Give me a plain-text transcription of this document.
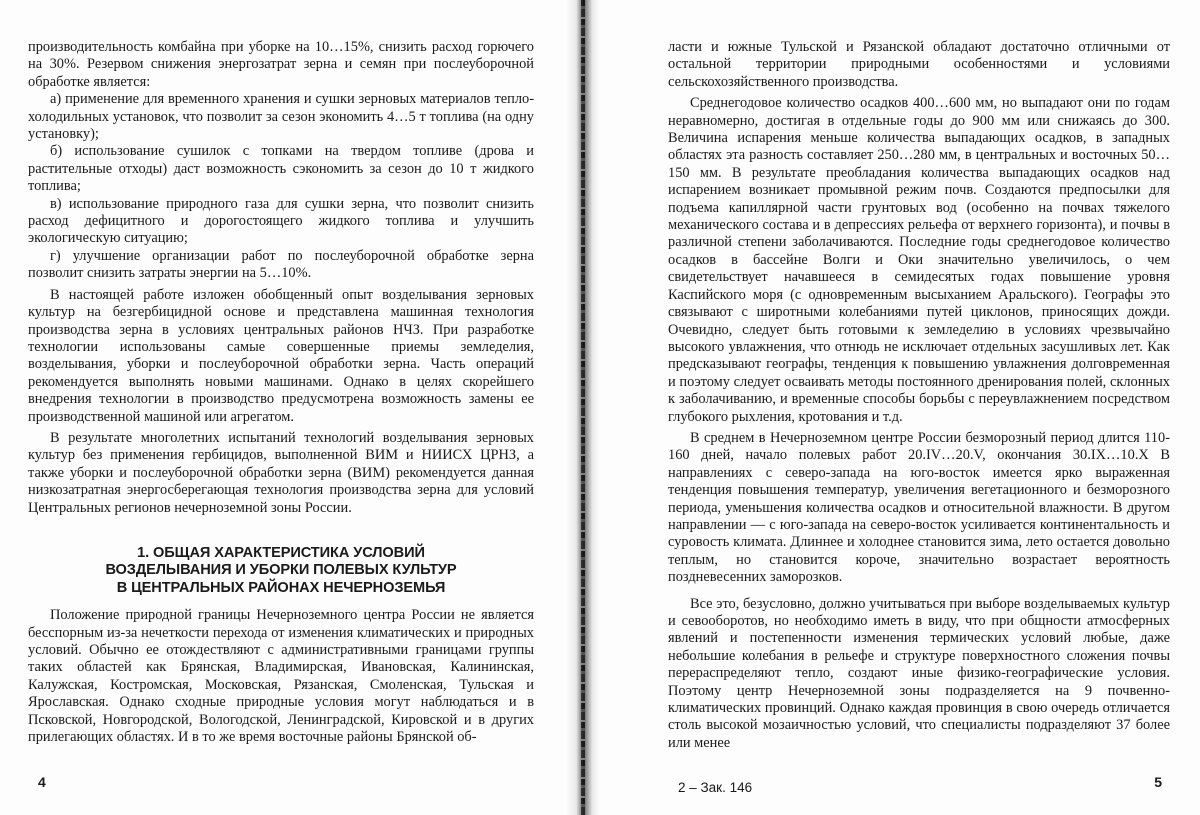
производительность комбайна при уборке на 10…15%, снизить расход горючего на 30%. Резервом снижения энергозатрат зерна и семян при послеуборочной обработке является:

а) применение для временного хранения и сушки зерновых материалов тепло-холодильных установок, что позволит за сезон экономить 4…5 т топлива (на одну установку);

б) использование сушилок с топками на твердом топливе (дрова и растительные отходы) даст возможность сэкономить за сезон до 10 т жидкого топлива;

в) использование природного газа для сушки зерна, что позволит снизить расход дефицитного и дорогостоящего жидкого топлива и улучшить экологическую ситуацию;

г) улучшение организации работ по послеуборочной обработке зерна позволит снизить затраты энергии на 5…10%.

В настоящей работе изложен обобщенный опыт возделывания зерновых культур на безгербицидной основе и представлена машинная технология производства зерна в условиях центральных районов НЧЗ. При разработке технологии использованы самые совершенные приемы земледелия, возделывания, уборки и послеуборочной обработки зерна. Часть операций рекомендуется выполнять новыми машинами. Однако в целях скорейшего внедрения технологии в производство предусмотрена возможность замены ее производственной машиной или агрегатом.

В результате многолетних испытаний технологий возделывания зерновых культур без применения гербицидов, выполненной ВИМ и НИИСХ ЦРНЗ, а также уборки и послеуборочной обработки зерна (ВИМ) рекомендуется данная низкозатратная энергосберегающая технология производства зерна для условий Центральных регионов нечерноземной зоны России.

1. ОБЩАЯ ХАРАКТЕРИСТИКА УСЛОВИЙ
ВОЗДЕЛЫВАНИЯ И УБОРКИ ПОЛЕВЫХ КУЛЬТУР
В ЦЕНТРАЛЬНЫХ РАЙОНАХ НЕЧЕРНОЗЕМЬЯ

Положение природной границы Нечерноземного центра России не является бесспорным из-за нечеткости перехода от изменения климатических и природных условий. Обычно ее отождествляют с административными границами группы таких областей как Брянская, Владимирская, Ивановская, Калининская, Калужская, Костромская, Московская, Рязанская, Смоленская, Тульская и Ярославская. Однако сходные природные условия могут наблюдаться и в Псковской, Новгородской, Вологодской, Ленинградской, Кировской и в других прилегающих областях. И в то же время восточные районы Брянской об-

4

ласти и южные Тульской и Рязанской обладают достаточно отличными от остальной территории природными особенностями и условиями сельскохозяйственного производства.

Среднегодовое количество осадков 400…600 мм, но выпадают они по годам неравномерно, достигая в отдельные годы до 900 мм или снижаясь до 300. Величина испарения меньше количества выпадающих осадков, в западных областях эта разность составляет 250…280 мм, в центральных и восточных 50…150 мм. В результате преобладания количества выпадающих осадков над испарением возникает промывной режим почв. Создаются предпосылки для подъема капиллярной части грунтовых вод (особенно на почвах тяжелого механического состава и в депрессиях рельефа от верхнего горизонта), и почвы в различной степени заболачиваются. Последние годы среднегодовое количество осадков в бассейне Волги и Оки значительно увеличилось, о чем свидетельствует начавшееся в семидесятых годах повышение уровня Каспийского моря (с одновременным высыханием Аральского). Географы это связывают с широтными колебаниями путей циклонов, приносящих дожди. Очевидно, следует быть готовыми к земледелию в условиях чрезвычайно высокого увлажнения, что отнюдь не исключает отдельных засушливых лет. Как предсказывают географы, тенденция к повышению увлажнения долговременная и поэтому следует осваивать методы постоянного дренирования полей, склонных к заболачиванию, и временные способы борьбы с переувлажнением посредством глубокого рыхления, кротования и т.д.

В среднем в Нечерноземном центре России безморозный период длится 110-160 дней, начало полевых работ 20.IV…20.V, окончания 30.IX…10.X В направлениях с северо-запада на юго-восток имеется ярко выраженная тенденция повышения температур, увеличения вегетационного и безморозного периода, уменьшения количества осадков и относительной влажности. В другом направлении — с юго-запада на северо-восток усиливается континентальность и суровость климата. Длиннее и холоднее становится зима, лето остается довольно теплым, но становится короче, значительно возрастает вероятность поздневесенних заморозков.

Все это, безусловно, должно учитываться при выборе возделываемых культур и севооборотов, но необходимо иметь в виду, что при общности атмосферных явлений и постепенности изменения термических условий любые, даже небольшие колебания в рельефе и структуре поверхностного сложения почвы перераспределяют тепло, создают иные физико-географические условия. Поэтому центр Нечерноземной зоны подразделяется на 9 почвенно-климатических провинций. Однако каждая провинция в свою очередь отличается столь высокой мозаичностью условий, что специалисты подразделяют 37 более или менее

2 – Зак. 146	5
